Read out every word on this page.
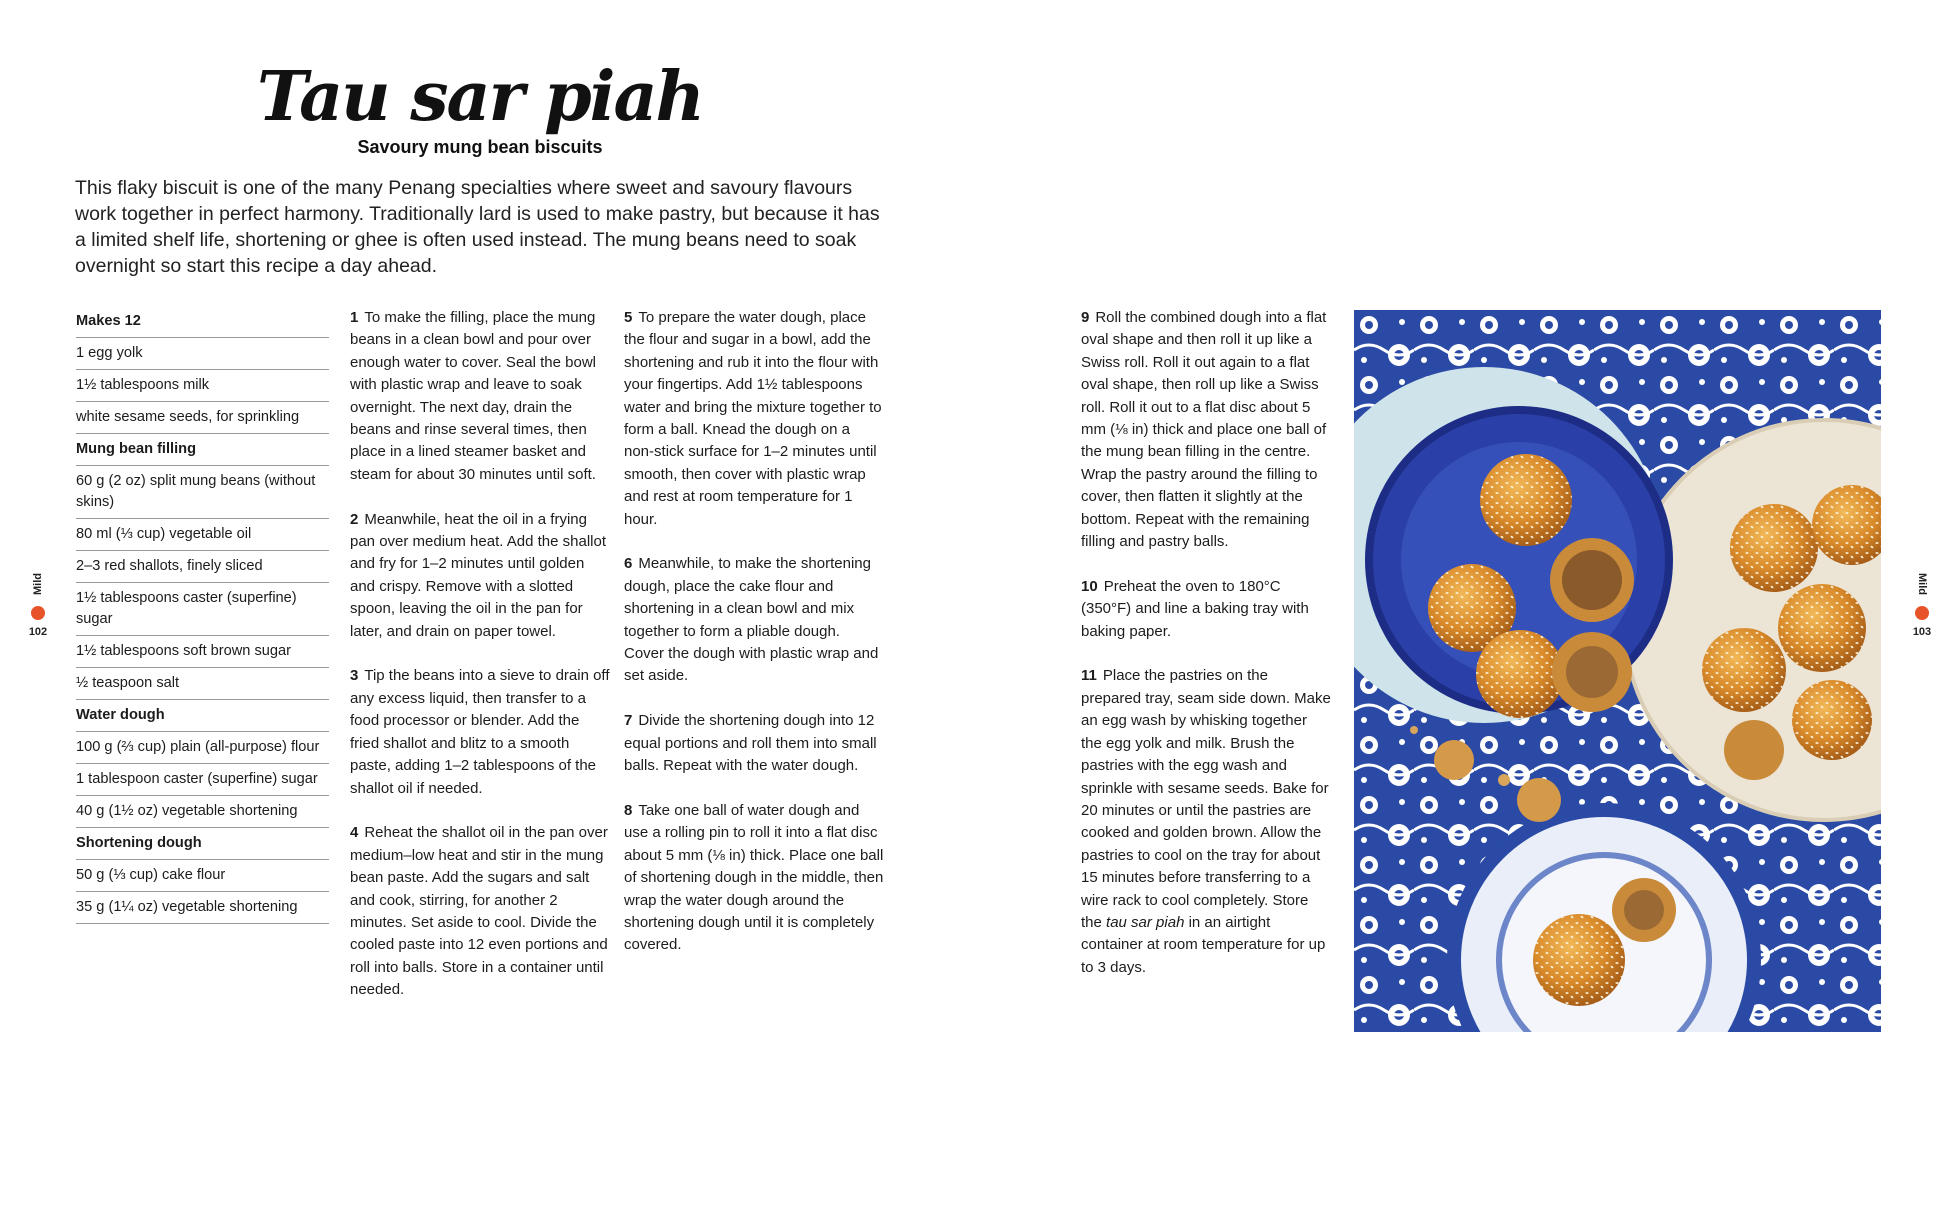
Tau sar piah
Savoury mung bean biscuits

This flaky biscuit is one of the many Penang specialties where sweet and savoury flavours work together in perfect harmony. Traditionally lard is used to make pastry, but because it has a limited shelf life, shortening or ghee is often used instead. The mung beans need to soak overnight so start this recipe a day ahead.

Makes 12
1 egg yolk
1½ tablespoons milk
white sesame seeds, for sprinkling
Mung bean filling
60 g (2 oz) split mung beans (without skins)
80 ml (⅓ cup) vegetable oil
2–3 red shallots, finely sliced
1½ tablespoons caster (superfine) sugar
1½ tablespoons soft brown sugar
½ teaspoon salt
Water dough
100 g (⅔ cup) plain (all-purpose) flour
1 tablespoon caster (superfine) sugar
40 g (1½ oz) vegetable shortening
Shortening dough
50 g (⅓ cup) cake flour
35 g (1¼ oz) vegetable shortening

1 To make the filling, place the mung beans in a clean bowl and pour over enough water to cover. Seal the bowl with plastic wrap and leave to soak overnight. The next day, drain the beans and rinse several times, then place in a lined steamer basket and steam for about 30 minutes until soft.

2 Meanwhile, heat the oil in a frying pan over medium heat. Add the shallot and fry for 1–2 minutes until golden and crispy. Remove with a slotted spoon, leaving the oil in the pan for later, and drain on paper towel.

3 Tip the beans into a sieve to drain off any excess liquid, then transfer to a food processor or blender. Add the fried shallot and blitz to a smooth paste, adding 1–2 tablespoons of the shallot oil if needed.

4 Reheat the shallot oil in the pan over medium–low heat and stir in the mung bean paste. Add the sugars and salt and cook, stirring, for another 2 minutes. Set aside to cool. Divide the cooled paste into 12 even portions and roll into balls. Store in a container until needed.

5 To prepare the water dough, place the flour and sugar in a bowl, add the shortening and rub it into the flour with your fingertips. Add 1½ tablespoons water and bring the mixture together to form a ball. Knead the dough on a non-stick surface for 1–2 minutes until smooth, then cover with plastic wrap and rest at room temperature for 1 hour.

6 Meanwhile, to make the shortening dough, place the cake flour and shortening in a clean bowl and mix together to form a pliable dough. Cover the dough with plastic wrap and set aside.

7 Divide the shortening dough into 12 equal portions and roll them into small balls. Repeat with the water dough.

8 Take one ball of water dough and use a rolling pin to roll it into a flat disc about 5 mm (⅛ in) thick. Place one ball of shortening dough in the middle, then wrap the water dough around the shortening dough until it is completely covered.

9 Roll the combined dough into a flat oval shape and then roll it up like a Swiss roll. Roll it out again to a flat oval shape, then roll up like a Swiss roll. Roll it out to a flat disc about 5 mm (⅛ in) thick and place one ball of the mung bean filling in the centre. Wrap the pastry around the filling to cover, then flatten it slightly at the bottom. Repeat with the remaining filling and pastry balls.

10 Preheat the oven to 180°C (350°F) and line a baking tray with baking paper.

11 Place the pastries on the prepared tray, seam side down. Make an egg wash by whisking together the egg yolk and milk. Brush the pastries with the egg wash and sprinkle with sesame seeds. Bake for 20 minutes or until the pastries are cooked and golden brown. Allow the pastries to cool on the tray for about 15 minutes before transferring to a wire rack to cool completely. Store the tau sar piah in an airtight container at room temperature for up to 3 days.

Mild
102
Mild
103
